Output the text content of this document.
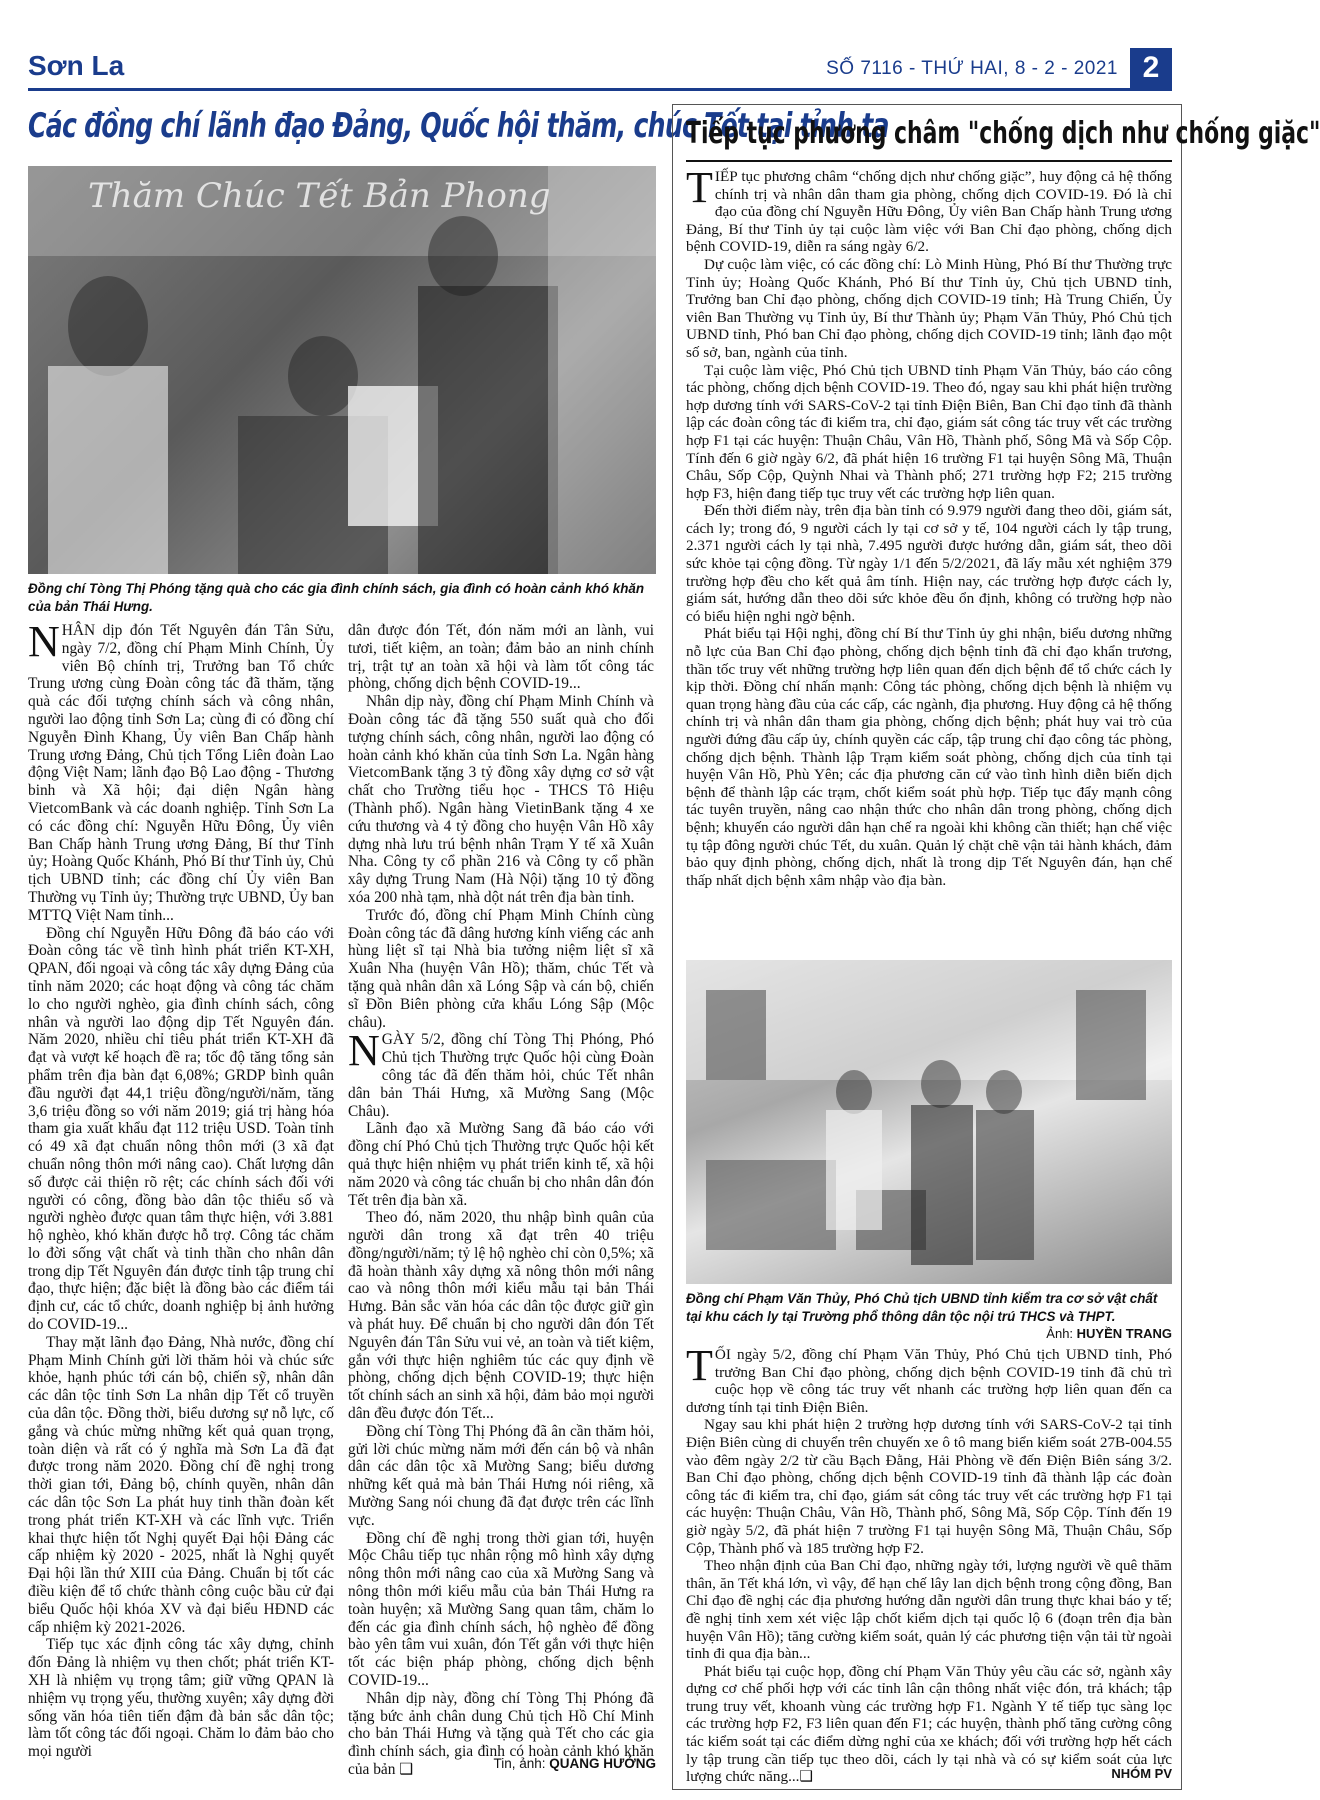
Sơn La	SỐ 7116 - THỨ HAI, 8 - 2 - 2021 2
Các đồng chí lãnh đạo Đảng, Quốc hội thăm, chúc Tết tại tỉnh ta
Thăm Chúc Tết Bản Phong
Đồng chí Tòng Thị Phóng tặng quà cho các gia đình chính sách, gia đình có hoàn cảnh khó khăn của bản Thái Hưng.

NHÂN dịp đón Tết Nguyên đán Tân Sửu, ngày 7/2, đồng chí Phạm Minh Chính, Ủy viên Bộ chính trị, Trưởng ban Tổ chức Trung ương cùng Đoàn công tác đã thăm, tặng quà các đối tượng chính sách và công nhân, người lao động tỉnh Sơn La; cùng đi có đồng chí Nguyễn Đình Khang, Ủy viên Ban Chấp hành Trung ương Đảng, Chủ tịch Tổng Liên đoàn Lao động Việt Nam; lãnh đạo Bộ Lao động - Thương binh và Xã hội; đại diện Ngân hàng VietcomBank và các doanh nghiệp. Tỉnh Sơn La có các đồng chí: Nguyễn Hữu Đông, Ủy viên Ban Chấp hành Trung ương Đảng, Bí thư Tỉnh ủy; Hoàng Quốc Khánh, Phó Bí thư Tỉnh ủy, Chủ tịch UBND tỉnh; các đồng chí Ủy viên Ban Thường vụ Tỉnh ủy; Thường trực UBND, Ủy ban MTTQ Việt Nam tỉnh...

Đồng chí Nguyễn Hữu Đông đã báo cáo với Đoàn công tác về tình hình phát triển KT-XH, QPAN, đối ngoại và công tác xây dựng Đảng của tỉnh năm 2020; các hoạt động và công tác chăm lo cho người nghèo, gia đình chính sách, công nhân và người lao động dịp Tết Nguyên đán. Năm 2020, nhiều chỉ tiêu phát triển KT-XH đã đạt và vượt kế hoạch đề ra; tốc độ tăng tổng sản phẩm trên địa bàn đạt 6,08%; GRDP bình quân đầu người đạt 44,1 triệu đồng/người/năm, tăng 3,6 triệu đồng so với năm 2019; giá trị hàng hóa tham gia xuất khẩu đạt 112 triệu USD. Toàn tỉnh có 49 xã đạt chuẩn nông thôn mới (3 xã đạt chuẩn nông thôn mới nâng cao). Chất lượng dân số được cải thiện rõ rệt; các chính sách đối với người có công, đồng bào dân tộc thiểu số và người nghèo được quan tâm thực hiện, với 3.881 hộ nghèo, khó khăn được hỗ trợ. Công tác chăm lo đời sống vật chất và tinh thần cho nhân dân trong dịp Tết Nguyên đán được tỉnh tập trung chỉ đạo, thực hiện; đặc biệt là đồng bào các điểm tái định cư, các tổ chức, doanh nghiệp bị ảnh hưởng do COVID-19...

Thay mặt lãnh đạo Đảng, Nhà nước, đồng chí Phạm Minh Chính gửi lời thăm hỏi và chúc sức khỏe, hạnh phúc tới cán bộ, chiến sỹ, nhân dân các dân tộc tỉnh Sơn La nhân dịp Tết cổ truyền của dân tộc. Đồng thời, biểu dương sự nỗ lực, cố gắng và chúc mừng những kết quả quan trọng, toàn diện và rất có ý nghĩa mà Sơn La đã đạt được trong năm 2020. Đồng chí đề nghị trong thời gian tới, Đảng bộ, chính quyền, nhân dân các dân tộc Sơn La phát huy tinh thần đoàn kết trong phát triển KT-XH và các lĩnh vực. Triển khai thực hiện tốt Nghị quyết Đại hội Đảng các cấp nhiệm kỳ 2020 - 2025, nhất là Nghị quyết Đại hội lần thứ XIII của Đảng. Chuẩn bị tốt các điều kiện để tổ chức thành công cuộc bầu cử đại biểu Quốc hội khóa XV và đại biểu HĐND các cấp nhiệm kỳ 2021-2026.

Tiếp tục xác định công tác xây dựng, chỉnh đốn Đảng là nhiệm vụ then chốt; phát triển KT-XH là nhiệm vụ trọng tâm; giữ vững QPAN là nhiệm vụ trọng yếu, thường xuyên; xây dựng đời sống văn hóa tiên tiến đậm đà bản sắc dân tộc; làm tốt công tác đối ngoại. Chăm lo đảm bảo cho mọi người

dân được đón Tết, đón năm mới an lành, vui tươi, tiết kiệm, an toàn; đảm bảo an ninh chính trị, trật tự an toàn xã hội và làm tốt công tác phòng, chống dịch bệnh COVID-19...

Nhân dịp này, đồng chí Phạm Minh Chính và Đoàn công tác đã tặng 550 suất quà cho đối tượng chính sách, công nhân, người lao động có hoàn cảnh khó khăn của tỉnh Sơn La. Ngân hàng VietcomBank tặng 3 tỷ đồng xây dựng cơ sở vật chất cho Trường tiểu học - THCS Tô Hiệu (Thành phố). Ngân hàng VietinBank tặng 4 xe cứu thương và 4 tỷ đồng cho huyện Vân Hồ xây dựng nhà lưu trú bệnh nhân Trạm Y tế xã Xuân Nha. Công ty cổ phần 216 và Công ty cổ phần xây dựng Trung Nam (Hà Nội) tặng 10 tỷ đồng xóa 200 nhà tạm, nhà dột nát trên địa bàn tỉnh.

Trước đó, đồng chí Phạm Minh Chính cùng Đoàn công tác đã dâng hương kính viếng các anh hùng liệt sĩ tại Nhà bia tưởng niệm liệt sĩ xã Xuân Nha (huyện Vân Hồ); thăm, chúc Tết và tặng quà nhân dân xã Lóng Sập và cán bộ, chiến sĩ Đồn Biên phòng cửa khẩu Lóng Sập (Mộc châu).

NGÀY 5/2, đồng chí Tòng Thị Phóng, Phó Chủ tịch Thường trực Quốc hội cùng Đoàn công tác đã đến thăm hỏi, chúc Tết nhân dân bản Thái Hưng, xã Mường Sang (Mộc Châu).

Lãnh đạo xã Mường Sang đã báo cáo với đồng chí Phó Chủ tịch Thường trực Quốc hội kết quả thực hiện nhiệm vụ phát triển kinh tế, xã hội năm 2020 và công tác chuẩn bị cho nhân dân đón Tết trên địa bàn xã.

Theo đó, năm 2020, thu nhập bình quân của người dân trong xã đạt trên 40 triệu đồng/người/năm; tỷ lệ hộ nghèo chỉ còn 0,5%; xã đã hoàn thành xây dựng xã nông thôn mới nâng cao và nông thôn mới kiểu mẫu tại bản Thái Hưng. Bản sắc văn hóa các dân tộc được giữ gìn và phát huy. Để chuẩn bị cho người dân đón Tết Nguyên đán Tân Sửu vui vẻ, an toàn và tiết kiệm, gắn với thực hiện nghiêm túc các quy định về phòng, chống dịch bệnh COVID-19; thực hiện tốt chính sách an sinh xã hội, đảm bảo mọi người dân đều được đón Tết...

Đồng chí Tòng Thị Phóng đã ân cần thăm hỏi, gửi lời chúc mừng năm mới đến cán bộ và nhân dân các dân tộc xã Mường Sang; biểu dương những kết quả mà bản Thái Hưng nói riêng, xã Mường Sang nói chung đã đạt được trên các lĩnh vực.

Đồng chí đề nghị trong thời gian tới, huyện Mộc Châu tiếp tục nhân rộng mô hình xây dựng nông thôn mới nâng cao của xã Mường Sang và nông thôn mới kiểu mẫu của bản Thái Hưng ra toàn huyện; xã Mường Sang quan tâm, chăm lo đến các gia đình chính sách, hộ nghèo để đồng bào yên tâm vui xuân, đón Tết gắn với thực hiện tốt các biện pháp phòng, chống dịch bệnh COVID-19...

Nhân dịp này, đồng chí Tòng Thị Phóng đã tặng bức ảnh chân dung Chủ tịch Hồ Chí Minh cho bản Thái Hưng và tặng quà Tết cho các gia đình chính sách, gia đình có hoàn cảnh khó khăn của bản ❑	Tin, ảnh: QUANG HƯỞNG
Tiếp tục phương châm "chống dịch như chống giặc"

TIẾP tục phương châm “chống dịch như chống giặc”, huy động cả hệ thống chính trị và nhân dân tham gia phòng, chống dịch COVID-19. Đó là chỉ đạo của đồng chí Nguyễn Hữu Đông, Ủy viên Ban Chấp hành Trung ương Đảng, Bí thư Tỉnh ủy tại cuộc làm việc với Ban Chỉ đạo phòng, chống dịch bệnh COVID-19, diễn ra sáng ngày 6/2.

Dự cuộc làm việc, có các đồng chí: Lò Minh Hùng, Phó Bí thư Thường trực Tỉnh ủy; Hoàng Quốc Khánh, Phó Bí thư Tỉnh ủy, Chủ tịch UBND tỉnh, Trưởng ban Chỉ đạo phòng, chống dịch COVID-19 tỉnh; Hà Trung Chiến, Ủy viên Ban Thường vụ Tỉnh ủy, Bí thư Thành ủy; Phạm Văn Thủy, Phó Chủ tịch UBND tỉnh, Phó ban Chỉ đạo phòng, chống dịch COVID-19 tỉnh; lãnh đạo một số sở, ban, ngành của tỉnh.

Tại cuộc làm việc, Phó Chủ tịch UBND tỉnh Phạm Văn Thủy, báo cáo công tác phòng, chống dịch bệnh COVID-19. Theo đó, ngay sau khi phát hiện trường hợp dương tính với SARS-CoV-2 tại tỉnh Điện Biên, Ban Chỉ đạo tỉnh đã thành lập các đoàn công tác đi kiểm tra, chỉ đạo, giám sát công tác truy vết các trường hợp F1 tại các huyện: Thuận Châu, Vân Hồ, Thành phố, Sông Mã và Sốp Cộp. Tính đến 6 giờ ngày 6/2, đã phát hiện 16 trường F1 tại huyện Sông Mã, Thuận Châu, Sốp Cộp, Quỳnh Nhai và Thành phố; 271 trường hợp F2; 215 trường hợp F3, hiện đang tiếp tục truy vết các trường hợp liên quan.

Đến thời điểm này, trên địa bàn tỉnh có 9.979 người đang theo dõi, giám sát, cách ly; trong đó, 9 người cách ly tại cơ sở y tế, 104 người cách ly tập trung, 2.371 người cách ly tại nhà, 7.495 người được hướng dẫn, giám sát, theo dõi sức khỏe tại cộng đồng. Từ ngày 1/1 đến 5/2/2021, đã lấy mẫu xét nghiệm 379 trường hợp đều cho kết quả âm tính. Hiện nay, các trường hợp được cách ly, giám sát, hướng dẫn theo dõi sức khỏe đều ổn định, không có trường hợp nào có biểu hiện nghi ngờ bệnh.

Phát biểu tại Hội nghị, đồng chí Bí thư Tỉnh ủy ghi nhận, biểu dương những nỗ lực của Ban Chỉ đạo phòng, chống dịch bệnh tỉnh đã chỉ đạo khẩn trương, thần tốc truy vết những trường hợp liên quan đến dịch bệnh để tổ chức cách ly kịp thời. Đồng chí nhấn mạnh: Công tác phòng, chống dịch bệnh là nhiệm vụ quan trọng hàng đầu của các cấp, các ngành, địa phương. Huy động cả hệ thống chính trị và nhân dân tham gia phòng, chống dịch bệnh; phát huy vai trò của người đứng đầu cấp ủy, chính quyền các cấp, tập trung chỉ đạo công tác phòng, chống dịch bệnh. Thành lập Trạm kiểm soát phòng, chống dịch của tỉnh tại huyện Vân Hồ, Phù Yên; các địa phương căn cứ vào tình hình diễn biến dịch bệnh để thành lập các trạm, chốt kiểm soát phù hợp. Tiếp tục đẩy mạnh công tác tuyên truyền, nâng cao nhận thức cho nhân dân trong phòng, chống dịch bệnh; khuyến cáo người dân hạn chế ra ngoài khi không cần thiết; hạn chế việc tụ tập đông người chúc Tết, du xuân. Quản lý chặt chẽ vận tải hành khách, đảm bảo quy định phòng, chống dịch, nhất là trong dịp Tết Nguyên đán, hạn chế thấp nhất dịch bệnh xâm nhập vào địa bàn.

Đồng chí Phạm Văn Thủy, Phó Chủ tịch UBND tỉnh kiểm tra cơ sở vật chất tại khu cách ly tại Trường phổ thông dân tộc nội trú THCS và THPT.
Ảnh: HUYỀN TRANG

TỐI ngày 5/2, đồng chí Phạm Văn Thủy, Phó Chủ tịch UBND tỉnh, Phó trưởng Ban Chỉ đạo phòng, chống dịch bệnh COVID-19 tỉnh đã chủ trì cuộc họp về công tác truy vết nhanh các trường hợp liên quan đến ca dương tính tại tỉnh Điện Biên.

Ngay sau khi phát hiện 2 trường hợp dương tính với SARS-CoV-2 tại tỉnh Điện Biên cùng di chuyển trên chuyến xe ô tô mang biển kiểm soát 27B-004.55 vào đêm ngày 2/2 từ cầu Bạch Đằng, Hải Phòng về đến Điện Biên sáng 3/2. Ban Chỉ đạo phòng, chống dịch bệnh COVID-19 tỉnh đã thành lập các đoàn công tác đi kiểm tra, chỉ đạo, giám sát công tác truy vết các trường hợp F1 tại các huyện: Thuận Châu, Vân Hồ, Thành phố, Sông Mã, Sốp Cộp. Tính đến 19 giờ ngày 5/2, đã phát hiện 7 trường F1 tại huyện Sông Mã, Thuận Châu, Sốp Cộp, Thành phố và 185 trường hợp F2.

Theo nhận định của Ban Chỉ đạo, những ngày tới, lượng người về quê thăm thân, ăn Tết khá lớn, vì vậy, để hạn chế lây lan dịch bệnh trong cộng đồng, Ban Chỉ đạo đề nghị các địa phương hướng dẫn người dân trung thực khai báo y tế; đề nghị tỉnh xem xét việc lập chốt kiểm dịch tại quốc lộ 6 (đoạn trên địa bàn huyện Vân Hồ); tăng cường kiểm soát, quản lý các phương tiện vận tải từ ngoài tỉnh đi qua địa bàn...

Phát biểu tại cuộc họp, đồng chí Phạm Văn Thủy yêu cầu các sở, ngành xây dựng cơ chế phối hợp với các tỉnh lân cận thông nhất việc đón, trả khách; tập trung truy vết, khoanh vùng các trường hợp F1. Ngành Y tế tiếp tục sàng lọc các trường hợp F2, F3 liên quan đến F1; các huyện, thành phố tăng cường công tác kiểm soát tại các điểm dừng nghỉ của xe khách; đối với trường hợp hết cách ly tập trung cần tiếp tục theo dõi, cách ly tại nhà và có sự kiểm soát của lực lượng chức năng...❑	NHÓM PV
